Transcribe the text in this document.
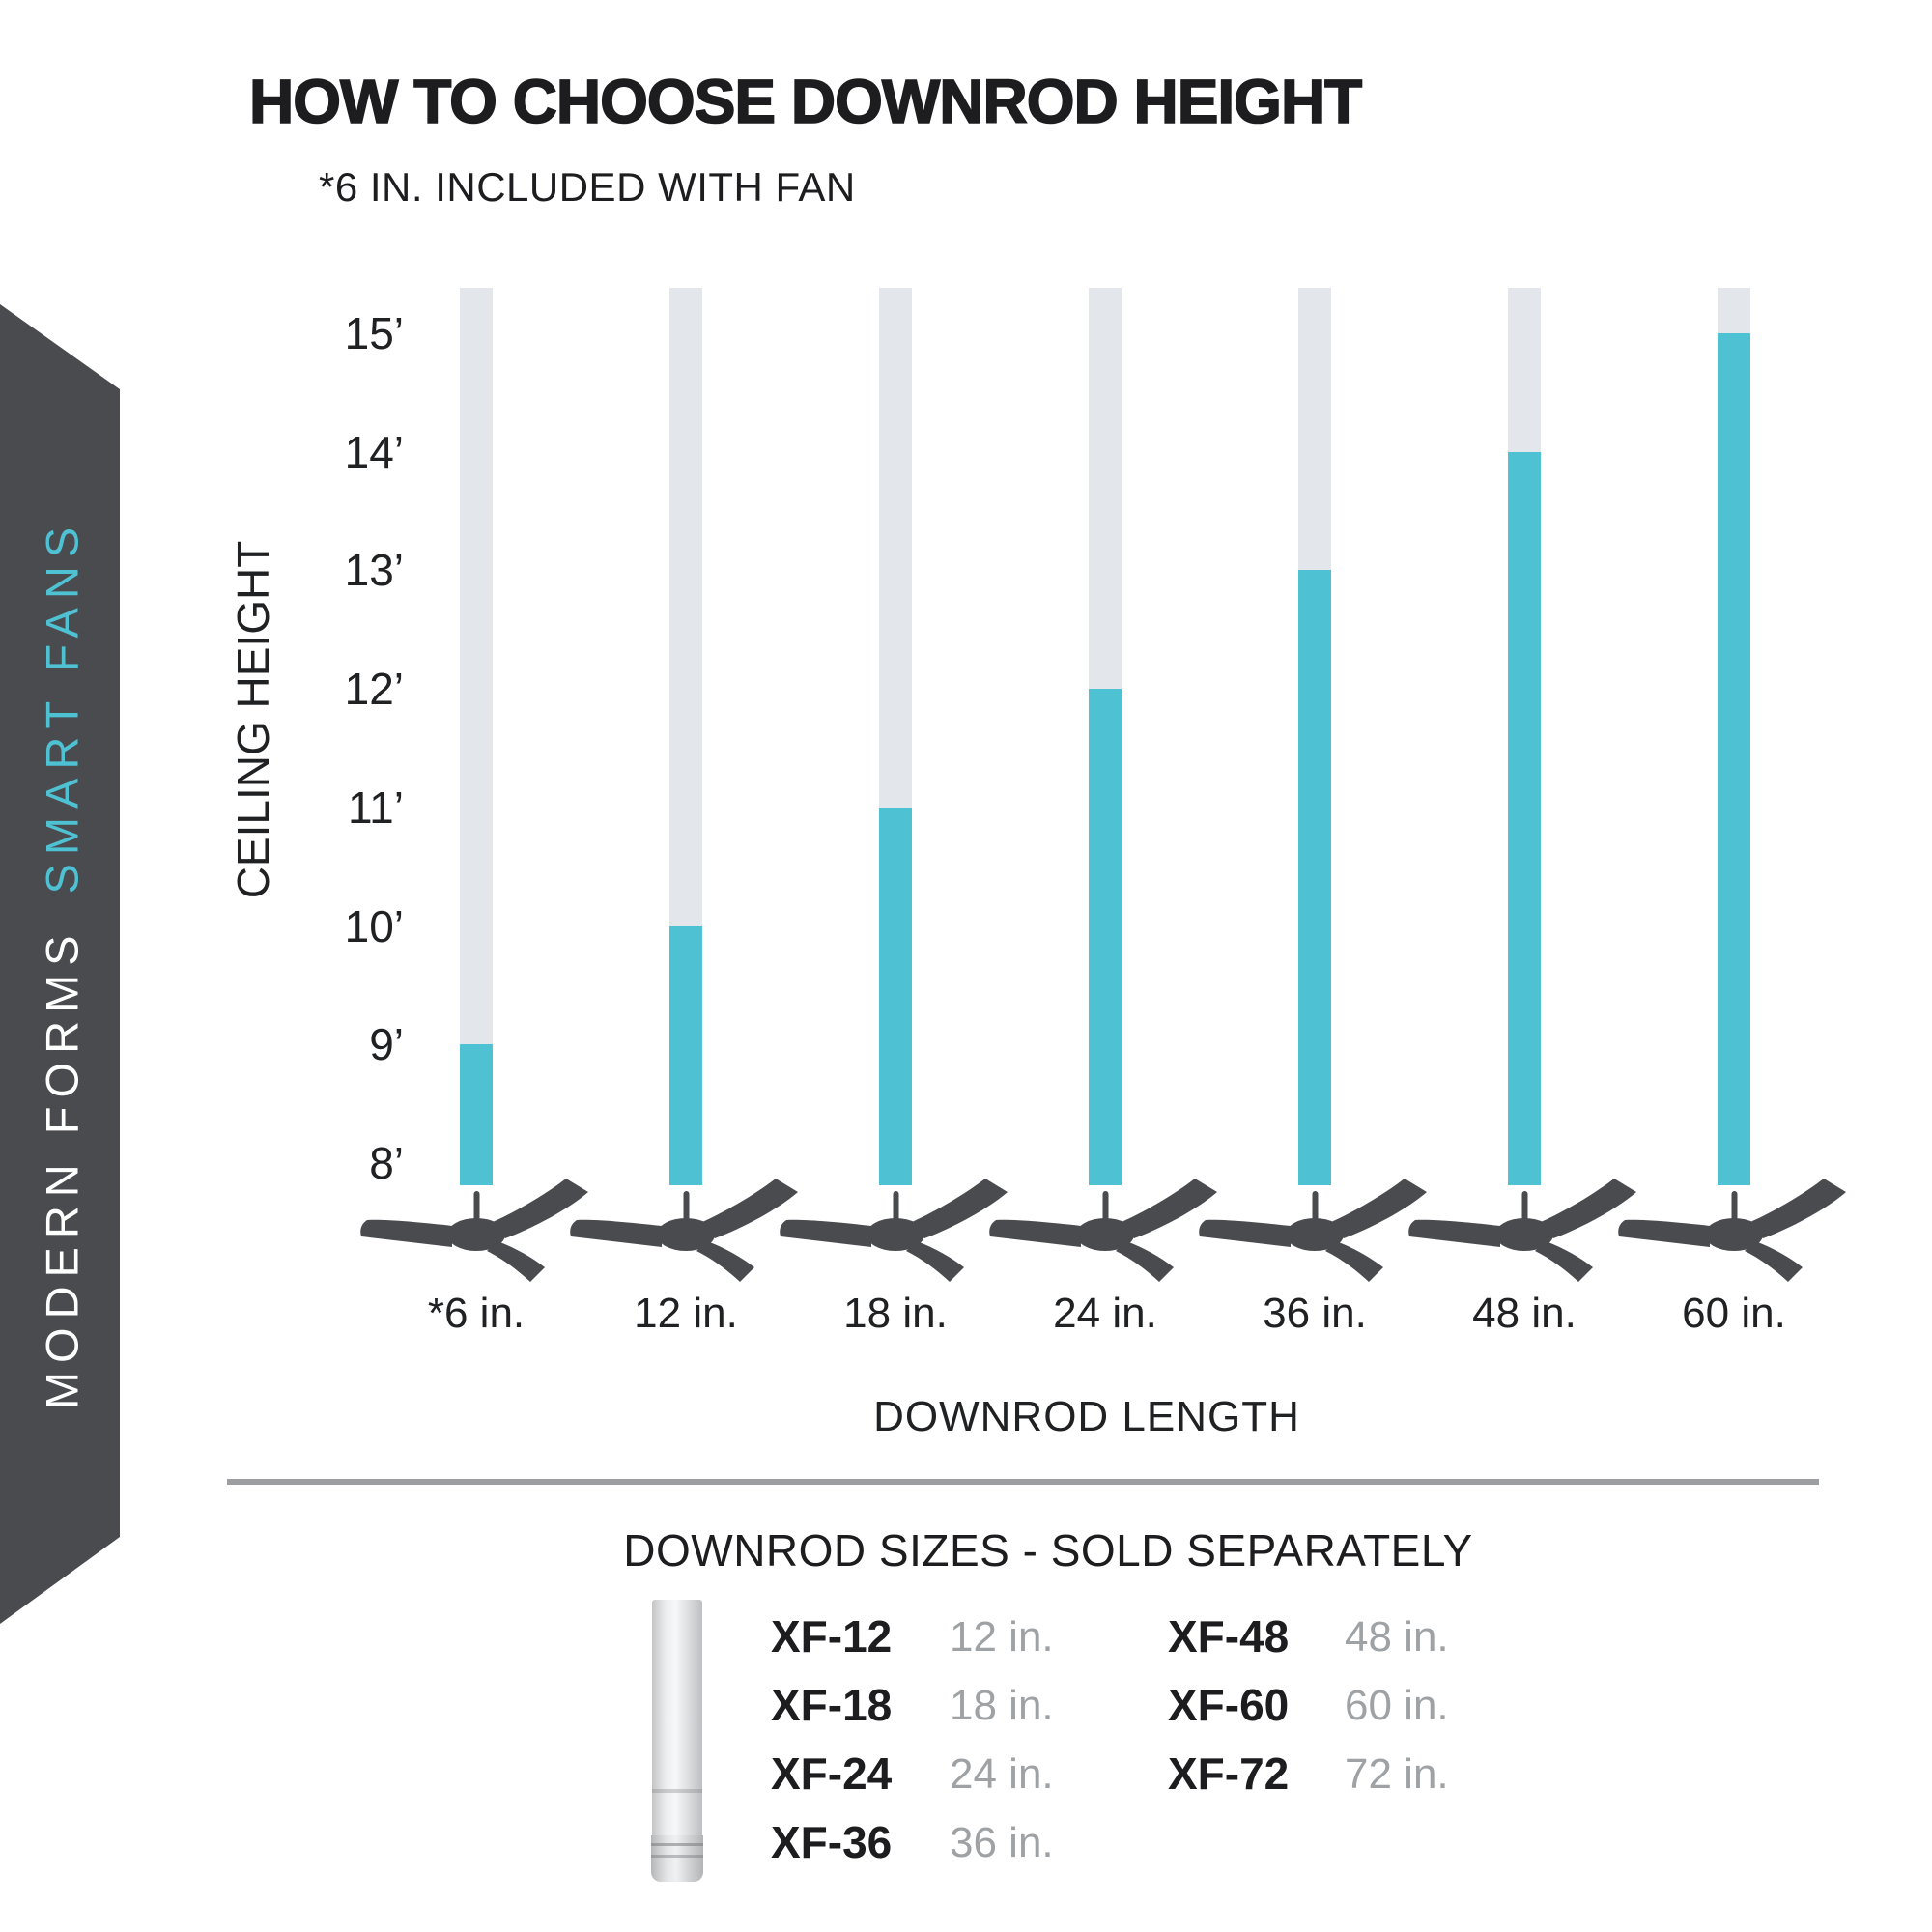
HOW TO CHOOSE DOWNROD HEIGHT
*6 IN. INCLUDED WITH FAN
MODERN FORMSSMART FANS	CEILING HEIGHT
15’
14’
13’
12’
11’
10’
9’
8’
*6 in.	12 in.	18 in.	24 in.	36 in.	48 in.	60 in.
DOWNROD LENGTH
DOWNROD SIZES - SOLD SEPARATELY
XF-12	12 in.
XF-18	18 in.
XF-24	24 in.
XF-36	36 in.
XF-48	48 in.
XF-60	60 in.
XF-72	72 in.
